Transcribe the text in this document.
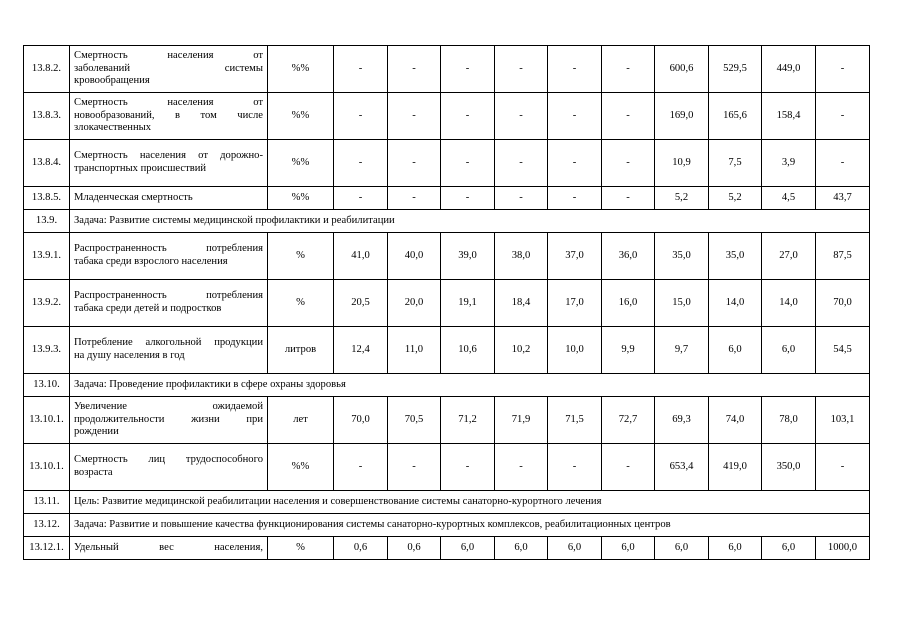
13.8.2.	Смертность населения от
заболеваний системы
кровообращения	%%	-	-	-	-	-	-	600,6	529,5	449,0	-
13.8.3.	Смертность населения от
новообразований, в том числе
злокачественных	%%	-	-	-	-	-	-	169,0	165,6	158,4	-
13.8.4.	Смертность населения от дорожно-
транспортных происшествий	%%	-	-	-	-	-	-	10,9	7,5	3,9	-
13.8.5.	Младенческая смертность	%%	-	-	-	-	-	-	5,2	5,2	4,5	43,7
13.9.	Задача: Развитие системы медицинской профилактики и реабилитации											
13.9.1.	Распространенность потребления
табака среди взрослого населения	%	41,0	40,0	39,0	38,0	37,0	36,0	35,0	35,0	27,0	87,5
13.9.2.	Распространенность потребления
табака среди детей и подростков	%	20,5	20,0	19,1	18,4	17,0	16,0	15,0	14,0	14,0	70,0
13.9.3.	Потребление алкогольной продукции
на душу населения в год	литров	12,4	11,0	10,6	10,2	10,0	9,9	9,7	6,0	6,0	54,5
13.10.	Задача: Проведение профилактики в сфере охраны здоровья											
13.10.1.	Увеличение ожидаемой
продолжительности жизни при
рождении	лет	70,0	70,5	71,2	71,9	71,5	72,7	69,3	74,0	78,0	103,1
13.10.1.	Смертность лиц трудоспособного
возраста	%%	-	-	-	-	-	-	653,4	419,0	350,0	-
13.11.	Цель: Развитие медицинской реабилитации населения и совершенствование системы санаторно-курортного лечения											
13.12.	Задача: Развитие и повышение качества функционирования системы санаторно-курортных комплексов, реабилитационных центров											
13.12.1.	Удельный вес населения,	%	0,6	0,6	6,0	6,0	6,0	6,0	6,0	6,0	6,0	1000,0
